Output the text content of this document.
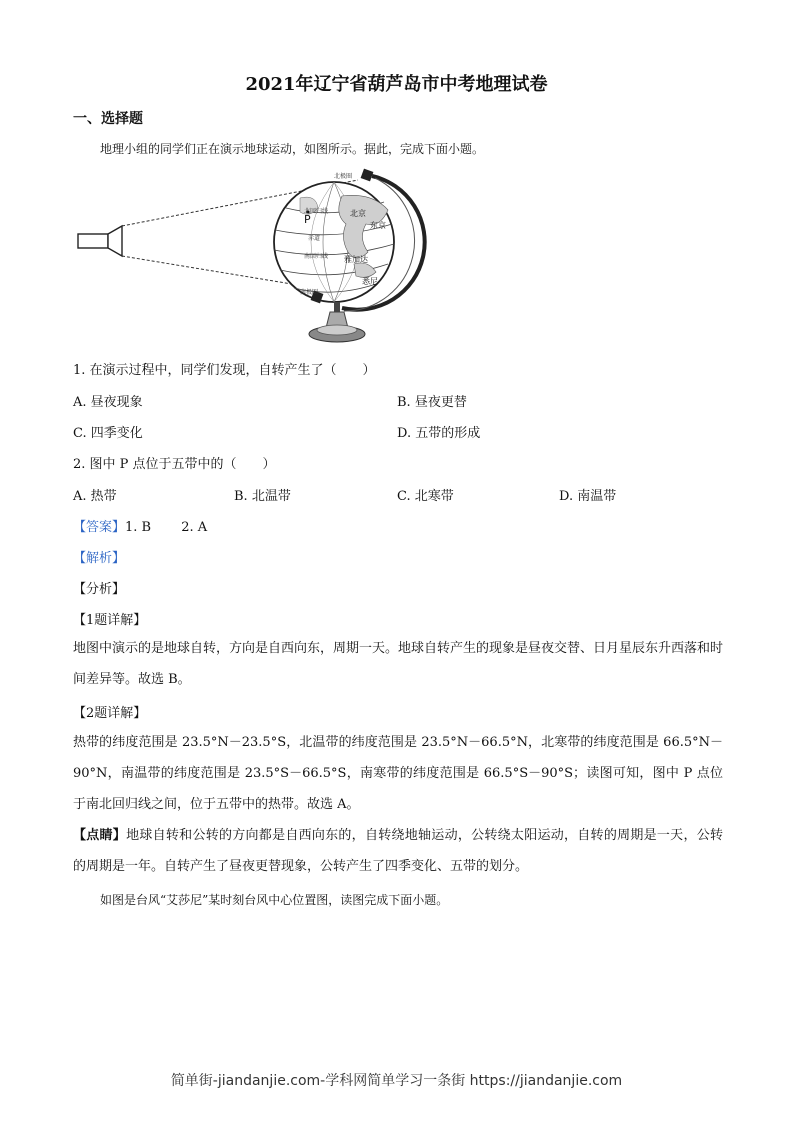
2021年辽宁省葫芦岛市中考地理试卷
一、选择题
地理小组的同学们正在演示地球运动，如图所示。据此，完成下面小题。
P	北京
东京
雅加达
悉尼
北极圈
北回归线
赤道
南回归线
南极圈
1. 在演示过程中，同学们发现，自转产生了（　　）
A. 昼夜现象	B. 昼夜更替
C. 四季变化	D. 五带的形成
2. 图中 P 点位于五带中的（　　）
A. 热带	B. 北温带	C. 北寒带	D. 南温带
【答案】1. B　　 2. A
【解析】
【分析】
【1题详解】
地图中演示的是地球自转，方向是自西向东，周期一天。地球自转产生的现象是昼夜交替、日月星辰东升西落和时间差异等。故选 B。
【2题详解】
热带的纬度范围是 23.5°N－23.5°S，北温带的纬度范围是 23.5°N－66.5°N，北寒带的纬度范围是 66.5°N－90°N，南温带的纬度范围是 23.5°S－66.5°S，南寒带的纬度范围是 66.5°S－90°S；读图可知，图中 P 点位于南北回归线之间，位于五带中的热带。故选 A。
【点睛】地球自转和公转的方向都是自西向东的，自转绕地轴运动，公转绕太阳运动，自转的周期是一天，公转的周期是一年。自转产生了昼夜更替现象，公转产生了四季变化、五带的划分。
如图是台风“艾莎尼”某时刻台风中心位置图，读图完成下面小题。
简单街-jiandanjie.com-学科网简单学习一条街 https://jiandanjie.com
